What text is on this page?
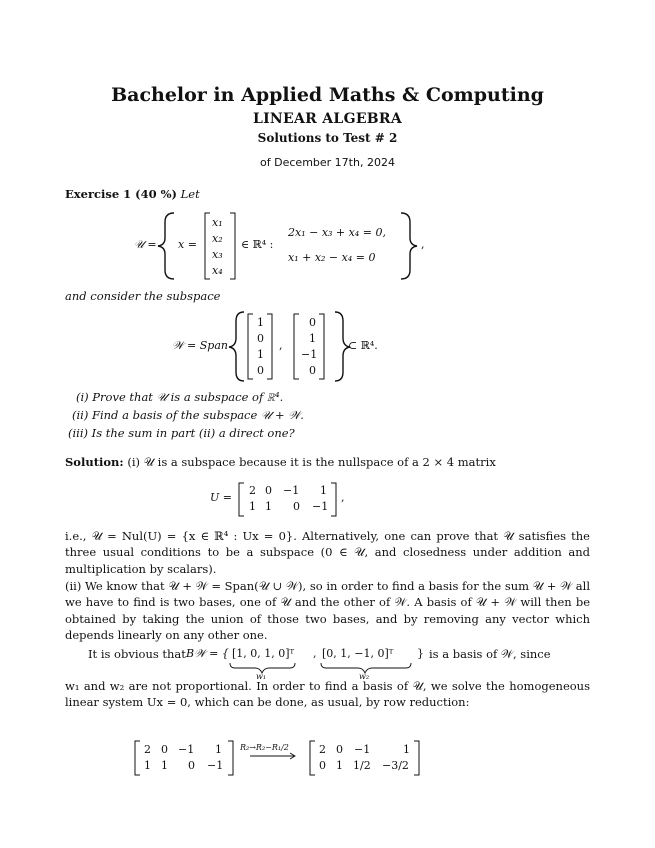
Bachelor in Applied Maths & Computing
LINEAR ALGEBRA
Solutions to Test # 2
of December 17th, 2024
Exercise 1 (40 %) Let
𝒰 = x =
x₁
x₂
x₃
x₄
∈ ℝ⁴ :
2x₁ − x₃ + x₄ = 0,
x₁ + x₂ − x₄ = 0
,
and consider the subspace
𝒲 = Span
1
0
1
0
,
0
1
−1
0
⊂ ℝ⁴.
(i) Prove that 𝒰 is a subspace of ℝ⁴.
(ii) Find a basis of the subspace 𝒰 + 𝒲.
(iii) Is the sum in part (ii) a direct one?
Solution: (i) 𝒰 is a subspace because it is the nullspace of a 2 × 4 matrix
U =
2 0 −1 1
1 1 0 −1
,
i.e., 𝒰 = Nul(U) = {x ∈ ℝ⁴ : Ux = 0}. Alternatively, one can prove that 𝒰 satisfies the three usual conditions to be a subspace (0 ∈ 𝒰, and closedness under addition and multiplication by scalars).
(ii) We know that 𝒰 + 𝒲 = Span(𝒰 ∪ 𝒲), so in order to find a basis for the sum 𝒰 + 𝒲 all we have to find is two bases, one of 𝒰 and the other of 𝒲. A basis of 𝒰 + 𝒲 will then be obtained by taking the union of those two bases, and by removing any vector which depends linearly on any other one.
It is obvious that B𝒲 = { [1, 0, 1, 0]ᵀ , [0, 1, −1, 0]ᵀ } is a basis of 𝒲, since
w₁	w₂
w₁ and w₂ are not proportional. In order to find a basis of 𝒰, we solve the homogeneous linear system Ux = 0, which can be done, as usual, by row reduction:
2 0 −1 1
1 1 0 −1
R₂→R₂−R₁/2	2 0 −1	1
0 1 1/2 −3/2
